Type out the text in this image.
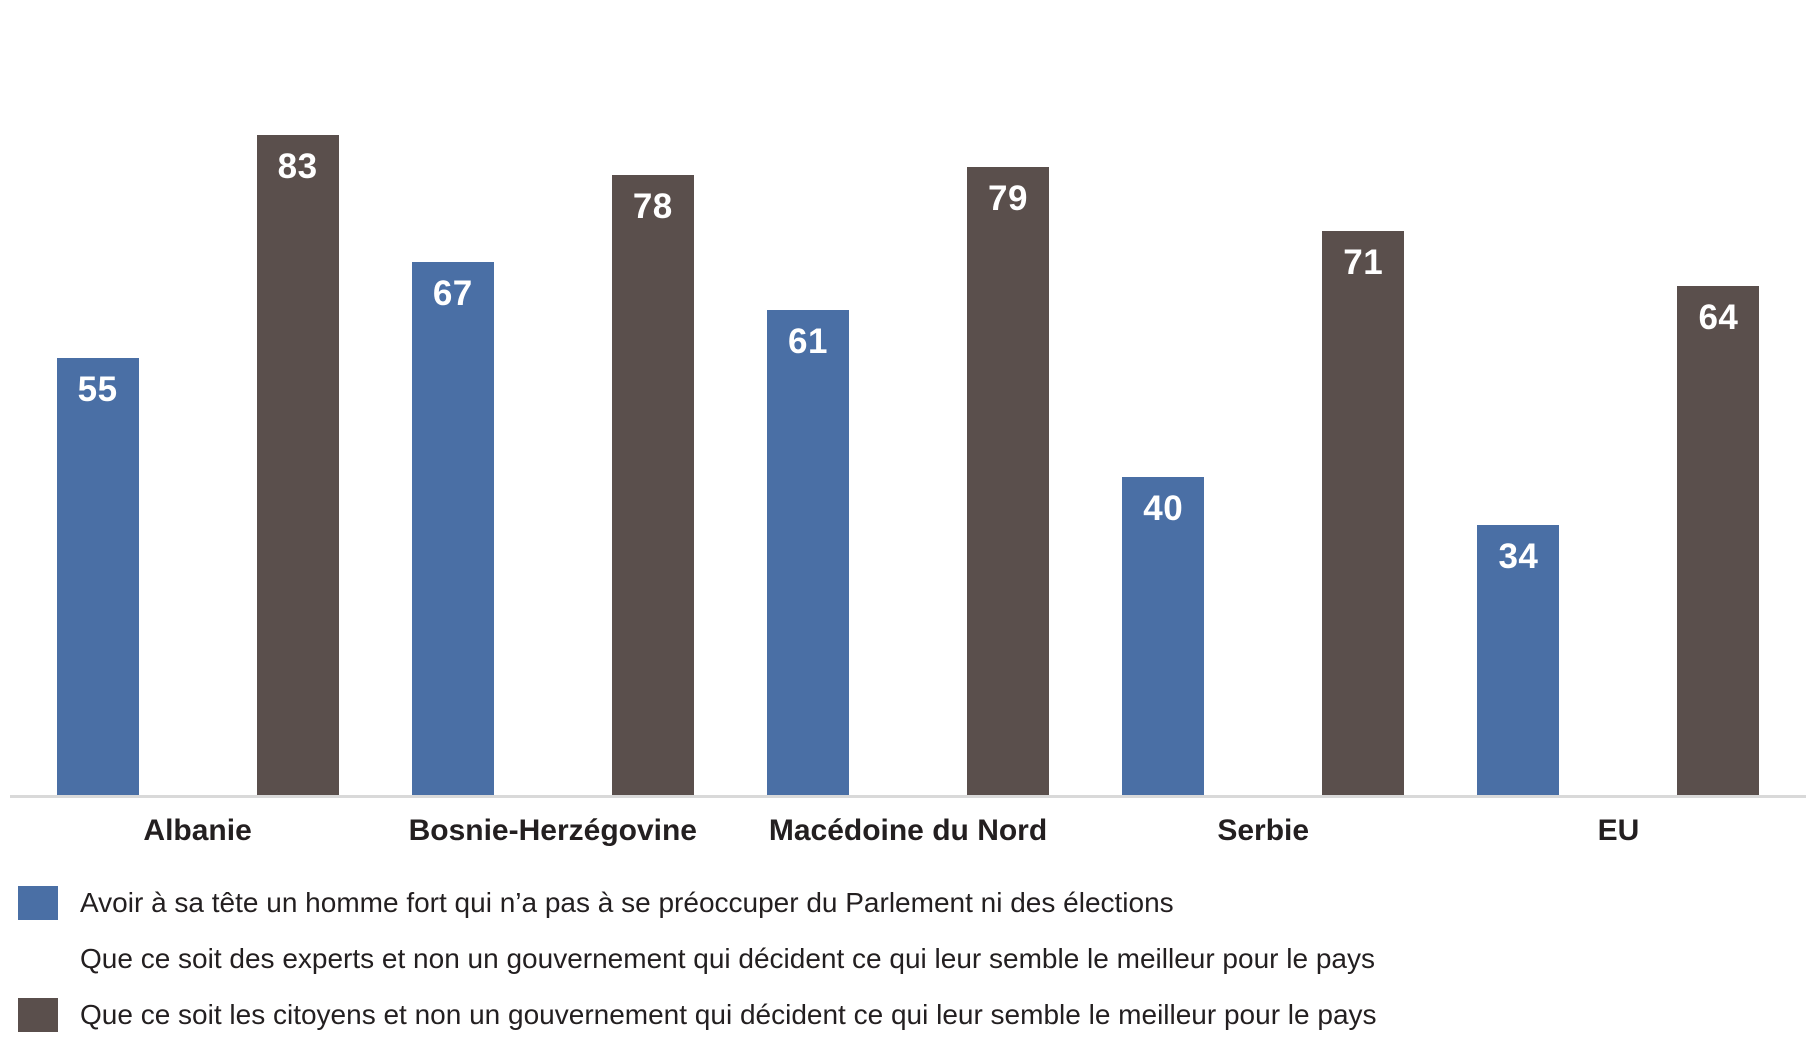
55
74
83
67
90
78
61
71
79
40 39
71
34
62 64
Albanie	Bosnie-Herzégovine	Macédoine du Nord	Serbie	EU
Avoir à sa tête un homme fort qui n’a pas à se préoccuper du Parlement ni des élections
Que ce soit des experts et non un gouvernement qui décident ce qui leur semble le meilleur pour le pays
Que ce soit les citoyens et non un gouvernement qui décident ce qui leur semble le meilleur pour le pays
